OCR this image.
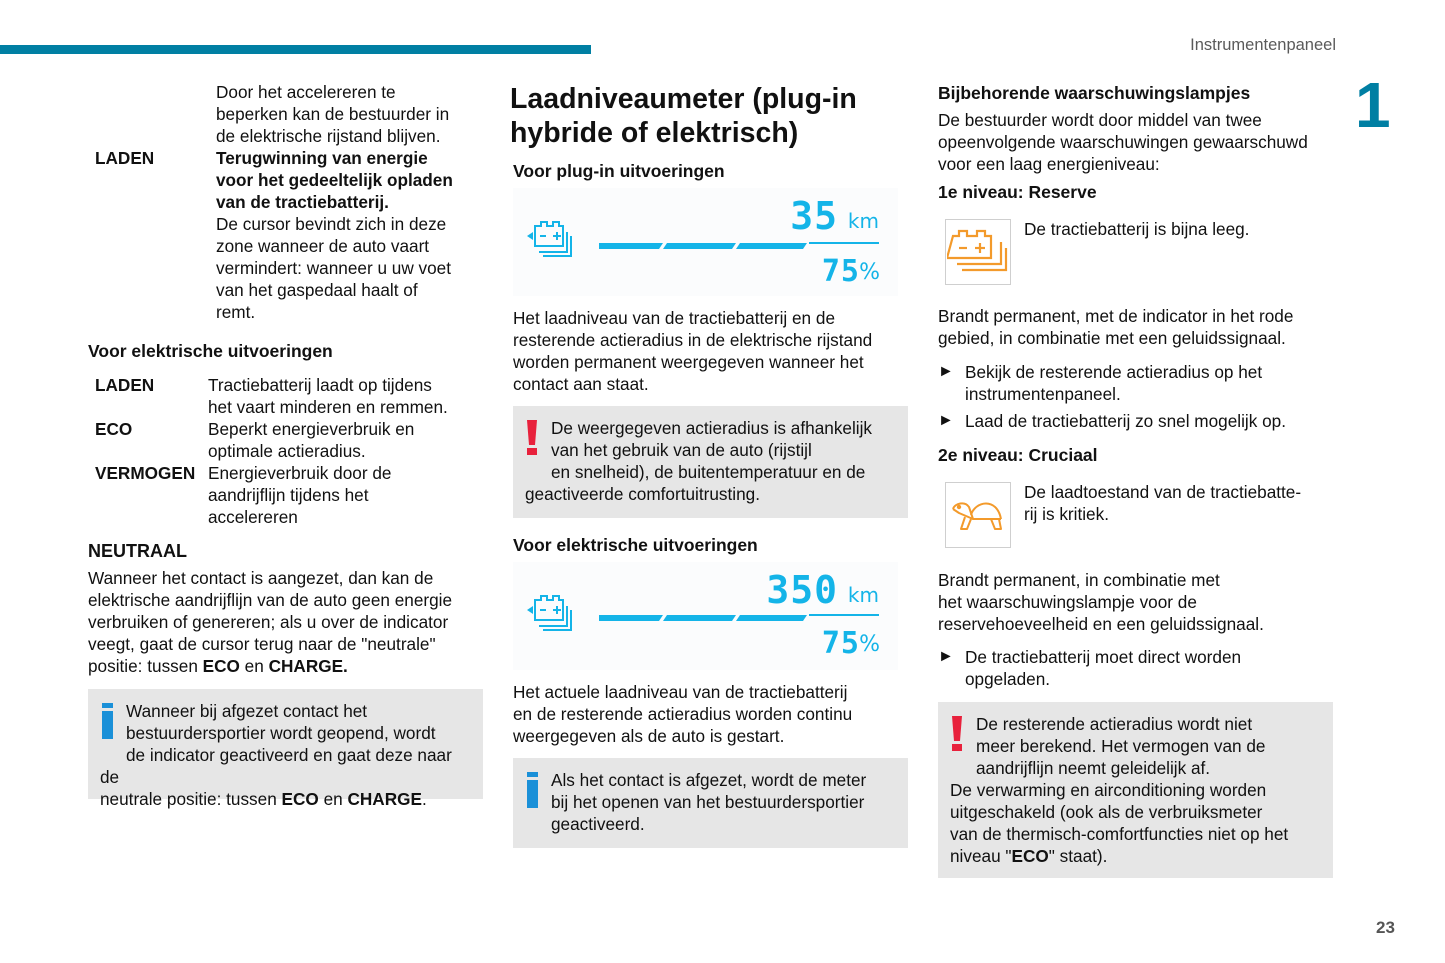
Instrumentenpaneel
1
23
Door het accelereren te
beperken kan de bestuurder in
de elektrische rijstand blijven.
LADEN	Terugwinning van energie
voor het gedeeltelijk opladen
van de tractiebatterij.
De cursor bevindt zich in deze
zone wanneer de auto vaart
vermindert: wanneer u uw voet
van het gaspedaal haalt of
remt.
Voor elektrische uitvoeringen
LADEN	Tractiebatterij laadt op tijdens
het vaart minderen en remmen.
ECO	Beperkt energieverbruik en
optimale actieradius.
VERMOGEN Energieverbruik door de
aandrijflijn tijdens het
accelereren
NEUTRAAL
Wanneer het contact is aangezet, dan kan de
elektrische aandrijflijn van de auto geen energie
verbruiken of genereren; als u over de indicator
veegt, gaat de cursor terug naar de "neutrale"
positie: tussen ECO en CHARGE.
Wanneer bij afgezet contact het
bestuurdersportier wordt geopend, wordt
de indicator geactiveerd en gaat deze naar de
neutrale positie: tussen ECO en CHARGE.
Laadniveaumeter (plug-in
hybride of elektrisch)
Voor plug-in uitvoeringen
35 km
75 %
Het laadniveau van de tractiebatterij en de
resterende actieradius in de elektrische rijstand
worden permanent weergegeven wanneer het
contact aan staat.
De weergegeven actieradius is afhankelijk
van het gebruik van de auto (rijstijl
en snelheid), de buitentemperatuur en de
geactiveerde comfortuitrusting.
Voor elektrische uitvoeringen
350 km
75 %
Het actuele laadniveau van de tractiebatterij
en de resterende actieradius worden continu
weergegeven als de auto is gestart.
Als het contact is afgezet, wordt de meter
bij het openen van het bestuurdersportier
geactiveerd.
Bijbehorende waarschuwingslampjes
De bestuurder wordt door middel van twee
opeenvolgende waarschuwingen gewaarschuwd
voor een laag energieniveau:
1e niveau: Reserve
De tractiebatterij is bijna leeg.
Brandt permanent, met de indicator in het rode
gebied, in combinatie met een geluidssignaal.
► Bekijk de resterende actieradius op het
instrumentenpaneel.
► Laad de tractiebatterij zo snel mogelijk op.
2e niveau: Cruciaal
De laadtoestand van de tractiebatte-
rij is kritiek.
Brandt permanent, in combinatie met
het waarschuwingslampje voor de
reservehoeveelheid en een geluidssignaal.
► De tractiebatterij moet direct worden
opgeladen.
De resterende actieradius wordt niet
meer berekend. Het vermogen van de
aandrijflijn neemt geleidelijk af.
De verwarming en airconditioning worden
uitgeschakeld (ook als de verbruiksmeter
van de thermisch-comfortfuncties niet op het
niveau "ECO" staat).
